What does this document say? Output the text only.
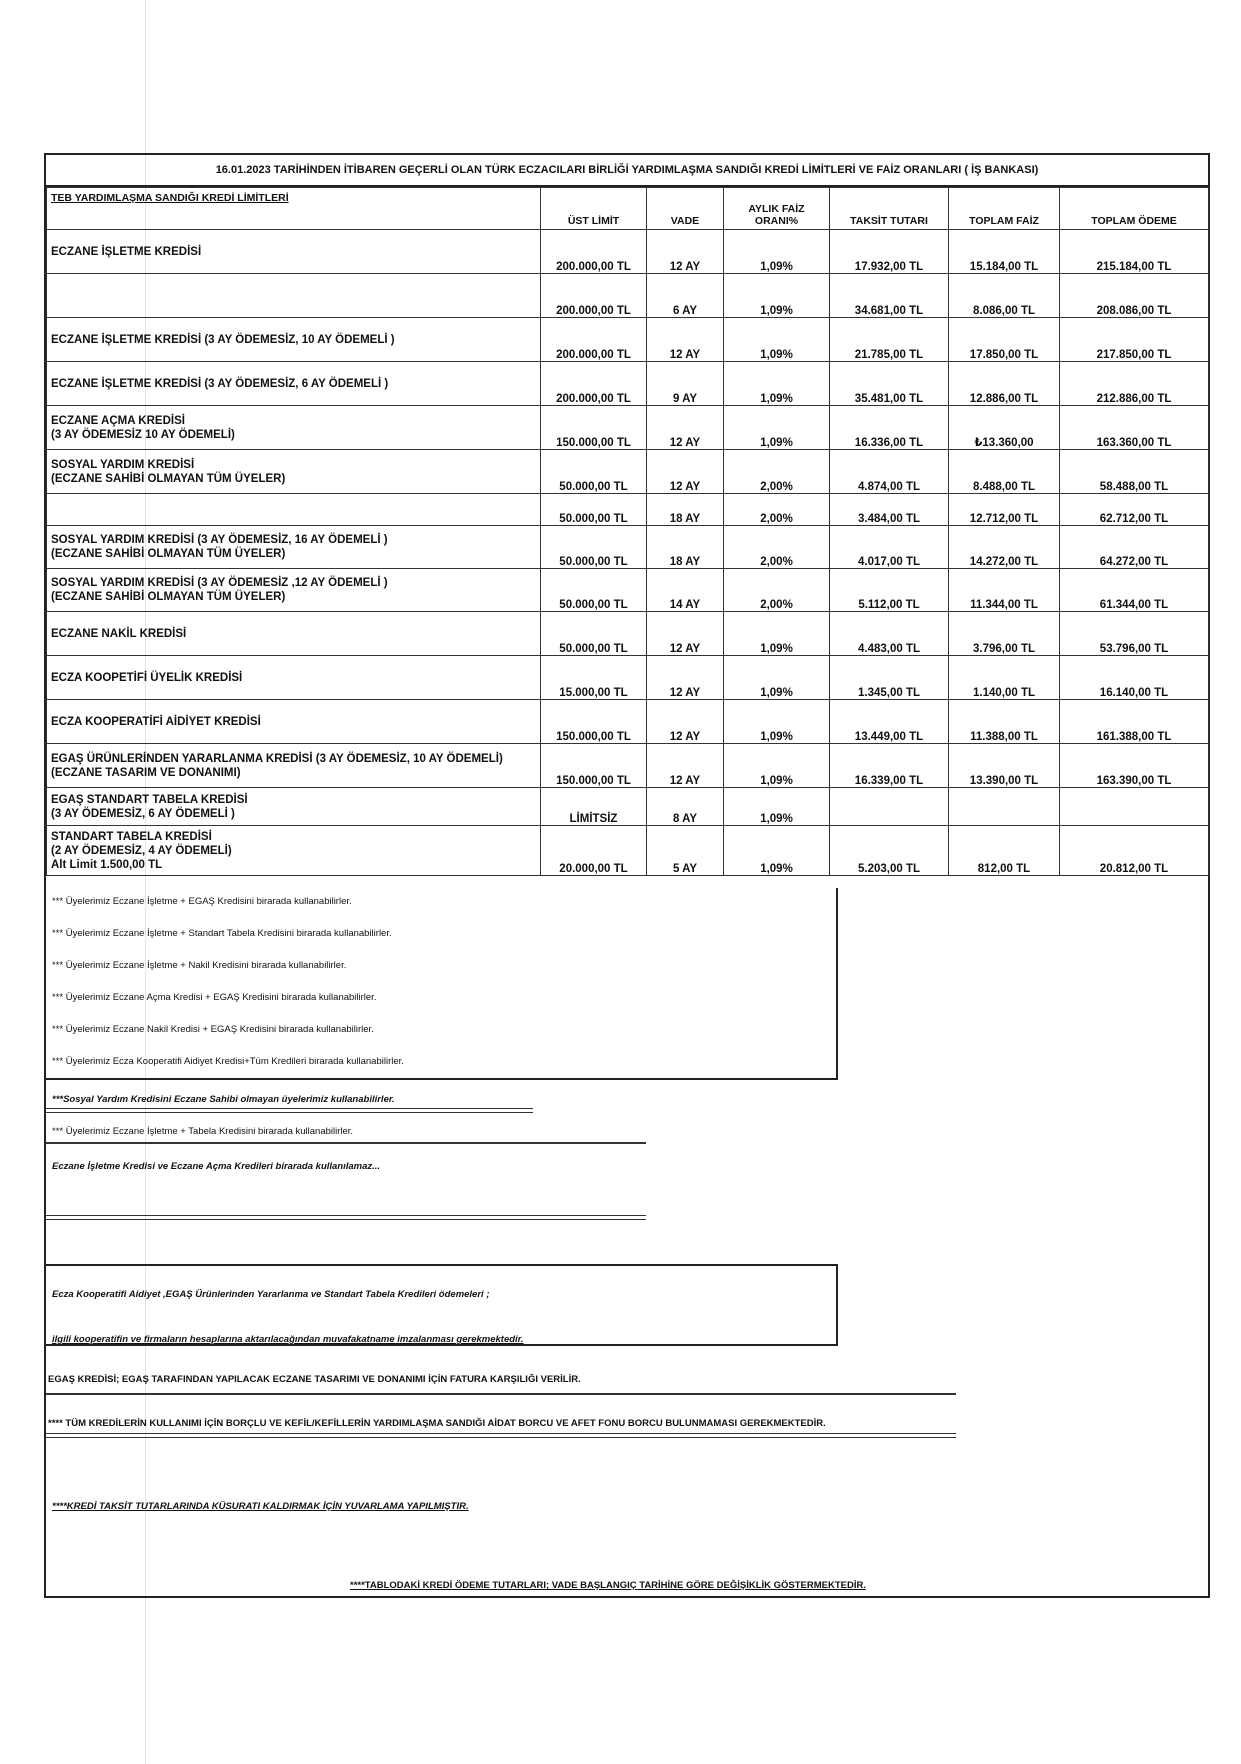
16.01.2023 TARİHİNDEN İTİBAREN GEÇERLİ OLAN TÜRK ECZACILARI BİRLİĞİ YARDIMLAŞMA SANDIĞI KREDİ LİMİTLERİ VE FAİZ ORANLARI ( İŞ BANKASI)
TEB YARDIMLAŞMA SANDIĞI KREDİ LİMİTLERİ	ÜST LİMİT	VADE	AYLIK FAİZ ORANI%	TAKSİT TUTARI	TOPLAM FAİZ	TOPLAM ÖDEME
ECZANE İŞLETME KREDİSİ	200.000,00 TL	12 AY	1,09%	17.932,00 TL	15.184,00 TL	215.184,00 TL
	200.000,00 TL	6 AY	1,09%	34.681,00 TL	8.086,00 TL	208.086,00 TL
ECZANE İŞLETME KREDİSİ (3 AY ÖDEMESİZ, 10 AY ÖDEMELİ )	200.000,00 TL	12 AY	1,09%	21.785,00 TL	17.850,00 TL	217.850,00 TL
ECZANE İŞLETME KREDİSİ (3 AY ÖDEMESİZ, 6 AY ÖDEMELİ )	200.000,00 TL	9 AY	1,09%	35.481,00 TL	12.886,00 TL	212.886,00 TL
ECZANE AÇMA KREDİSİ
(3 AY ÖDEMESİZ 10 AY ÖDEMELİ)	150.000,00 TL	12 AY	1,09%	16.336,00 TL	₺13.360,00	163.360,00 TL
SOSYAL YARDIM KREDİSİ
(ECZANE SAHİBİ OLMAYAN TÜM ÜYELER)	50.000,00 TL	12 AY	2,00%	4.874,00 TL	8.488,00 TL	58.488,00 TL
	50.000,00 TL	18 AY	2,00%	3.484,00 TL	12.712,00 TL	62.712,00 TL
SOSYAL YARDIM KREDİSİ (3 AY ÖDEMESİZ, 16 AY ÖDEMELİ )
(ECZANE SAHİBİ OLMAYAN TÜM ÜYELER)	50.000,00 TL	18 AY	2,00%	4.017,00 TL	14.272,00 TL	64.272,00 TL
SOSYAL YARDIM KREDİSİ (3 AY ÖDEMESİZ ,12 AY ÖDEMELİ )
(ECZANE SAHİBİ OLMAYAN TÜM ÜYELER)	50.000,00 TL	14 AY	2,00%	5.112,00 TL	11.344,00 TL	61.344,00 TL
ECZANE NAKİL KREDİSİ	50.000,00 TL	12 AY	1,09%	4.483,00 TL	3.796,00 TL	53.796,00 TL
ECZA KOOPETİFİ ÜYELİK KREDİSİ	15.000,00 TL	12 AY	1,09%	1.345,00 TL	1.140,00 TL	16.140,00 TL
ECZA KOOPERATİFİ AİDİYET KREDİSİ	150.000,00 TL	12 AY	1,09%	13.449,00 TL	11.388,00 TL	161.388,00 TL
EGAŞ ÜRÜNLERİNDEN YARARLANMA KREDİSİ (3 AY ÖDEMESİZ, 10 AY ÖDEMELİ)
(ECZANE TASARIM VE DONANIMI)	150.000,00 TL	12 AY	1,09%	16.339,00 TL	13.390,00 TL	163.390,00 TL
EGAŞ STANDART TABELA KREDİSİ
(3 AY ÖDEMESİZ, 6 AY ÖDEMELİ )	LİMİTSİZ	8 AY	1,09%			
STANDART TABELA KREDİSİ
(2 AY ÖDEMESİZ, 4 AY ÖDEMELİ)
Alt Limit 1.500,00 TL	20.000,00 TL	5 AY	1,09%	5.203,00 TL	812,00 TL	20.812,00 TL
*** Üyelerimiz Eczane İşletme + EGAŞ Kredisini birarada kullanabilirler.
*** Üyelerimiz Eczane İşletme + Standart Tabela Kredisini birarada kullanabilirler.
*** Üyelerimiz Eczane İşletme + Nakil Kredisini birarada kullanabilirler.
*** Üyelerimiz Eczane Açma Kredisi + EGAŞ Kredisini birarada kullanabilirler.
*** Üyelerimiz Eczane Nakil Kredisi + EGAŞ Kredisini birarada kullanabilirler.
*** Üyelerimiz Ecza Kooperatifi Aidiyet Kredisi+Tüm Kredileri birarada kullanabilirler.
***Sosyal Yardım Kredisini Eczane Sahibi olmayan üyelerimiz kullanabilirler.
*** Üyelerimiz Eczane İşletme + Tabela Kredisini birarada kullanabilirler.
Eczane İşletme Kredisi ve Eczane Açma Kredileri birarada kullanılamaz...
Ecza Kooperatifi Aidiyet ,EGAŞ Ürünlerinden Yararlanma ve Standart Tabela Kredileri ödemeleri ;
ilgili kooperatifin ve firmaların hesaplarına aktarılacağından muvafakatname imzalanması gerekmektedir.
EGAŞ KREDİSİ; EGAŞ TARAFINDAN YAPILACAK ECZANE TASARIMI VE DONANIMI İÇİN FATURA KARŞILIĞI VERİLİR.
**** TÜM KREDİLERİN KULLANIMI İÇİN BORÇLU VE KEFİL/KEFİLLERİN YARDIMLAŞMA SANDIĞI AİDAT BORCU VE AFET FONU BORCU BULUNMAMASI GEREKMEKTEDİR.
****KREDİ TAKSİT TUTARLARINDA KÜSURATI KALDIRMAK İÇİN YUVARLAMA YAPILMIŞTIR.
****TABLODAKİ KREDİ ÖDEME TUTARLARI; VADE BAŞLANGIÇ TARİHİNE GÖRE DEĞİŞİKLİK GÖSTERMEKTEDİR.
